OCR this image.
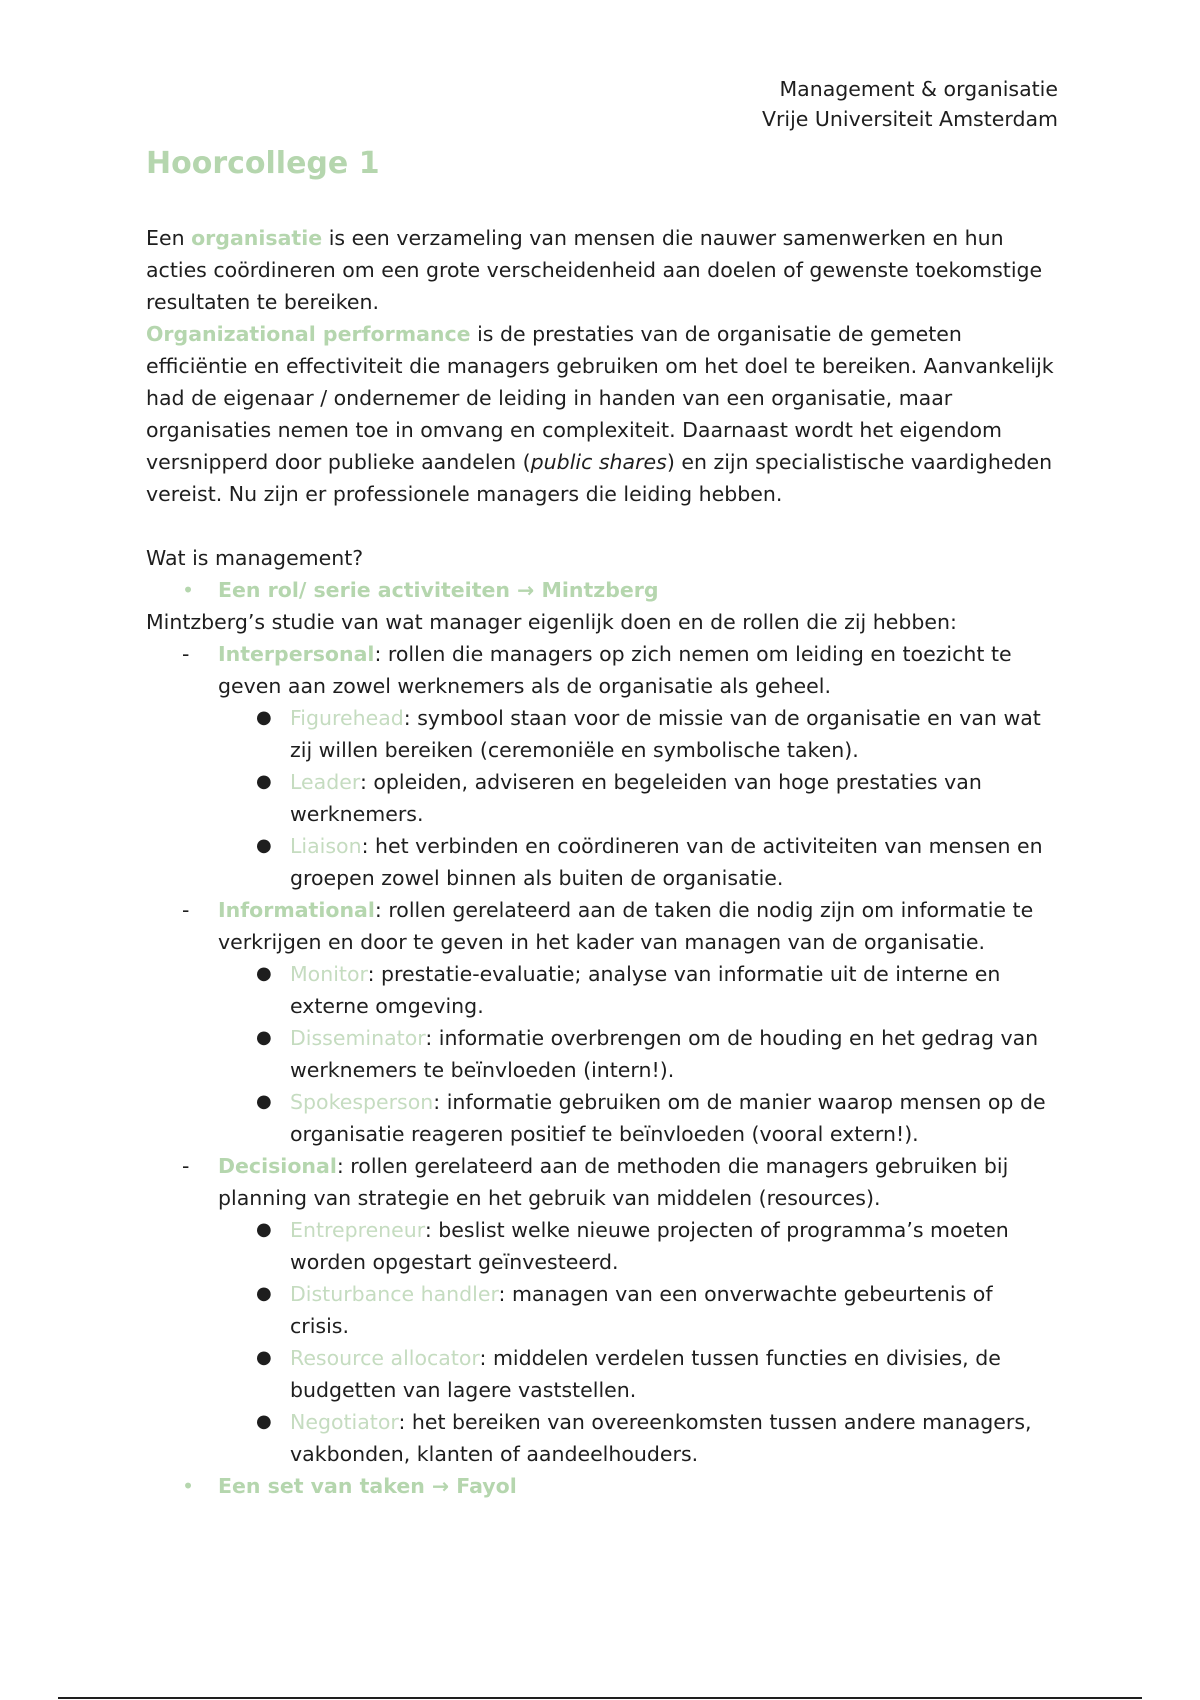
Management & organisatie
Vrije Universiteit Amsterdam
Hoorcollege 1

Een organisatie is een verzameling van mensen die nauwer samenwerken en hun acties coördineren om een grote verscheidenheid aan doelen of gewenste toekomstige resultaten te bereiken.

Organizational performance is de prestaties van de organisatie de gemeten efficiëntie en effectiviteit die managers gebruiken om het doel te bereiken. Aanvankelijk had de eigenaar / ondernemer de leiding in handen van een organisatie, maar organisaties nemen toe in omvang en complexiteit. Daarnaast wordt het eigendom versnipperd door publieke aandelen (public shares) en zijn specialistische vaardigheden vereist. Nu zijn er professionele managers die leiding hebben.

Wat is management?

• Een rol/ serie activiteiten → Mintzberg

Mintzberg’s studie van wat manager eigenlijk doen en de rollen die zij hebben:

- Interpersonal: rollen die managers op zich nemen om leiding en toezicht te geven aan zowel werknemers als de organisatie als geheel.
● Figurehead: symbool staan voor de missie van de organisatie en van wat zij willen bereiken (ceremoniële en symbolische taken).
● Leader: opleiden, adviseren en begeleiden van hoge prestaties van werknemers.
● Liaison: het verbinden en coördineren van de activiteiten van mensen en groepen zowel binnen als buiten de organisatie.
- Informational: rollen gerelateerd aan de taken die nodig zijn om informatie te verkrijgen en door te geven in het kader van managen van de organisatie.
● Monitor: prestatie-evaluatie; analyse van informatie uit de interne en externe omgeving.
● Disseminator: informatie overbrengen om de houding en het gedrag van werknemers te beïnvloeden (intern!).
● Spokesperson: informatie gebruiken om de manier waarop mensen op de organisatie reageren positief te beïnvloeden (vooral extern!).
- Decisional: rollen gerelateerd aan de methoden die managers gebruiken bij planning van strategie en het gebruik van middelen (resources).
● Entrepreneur: beslist welke nieuwe projecten of programma’s moeten worden opgestart geïnvesteerd.
● Disturbance handler: managen van een onverwachte gebeurtenis of crisis.
● Resource allocator: middelen verdelen tussen functies en divisies, de budgetten van lagere vaststellen.
● Negotiator: het bereiken van overeenkomsten tussen andere managers, vakbonden, klanten of aandeelhouders.
• Een set van taken → Fayol
